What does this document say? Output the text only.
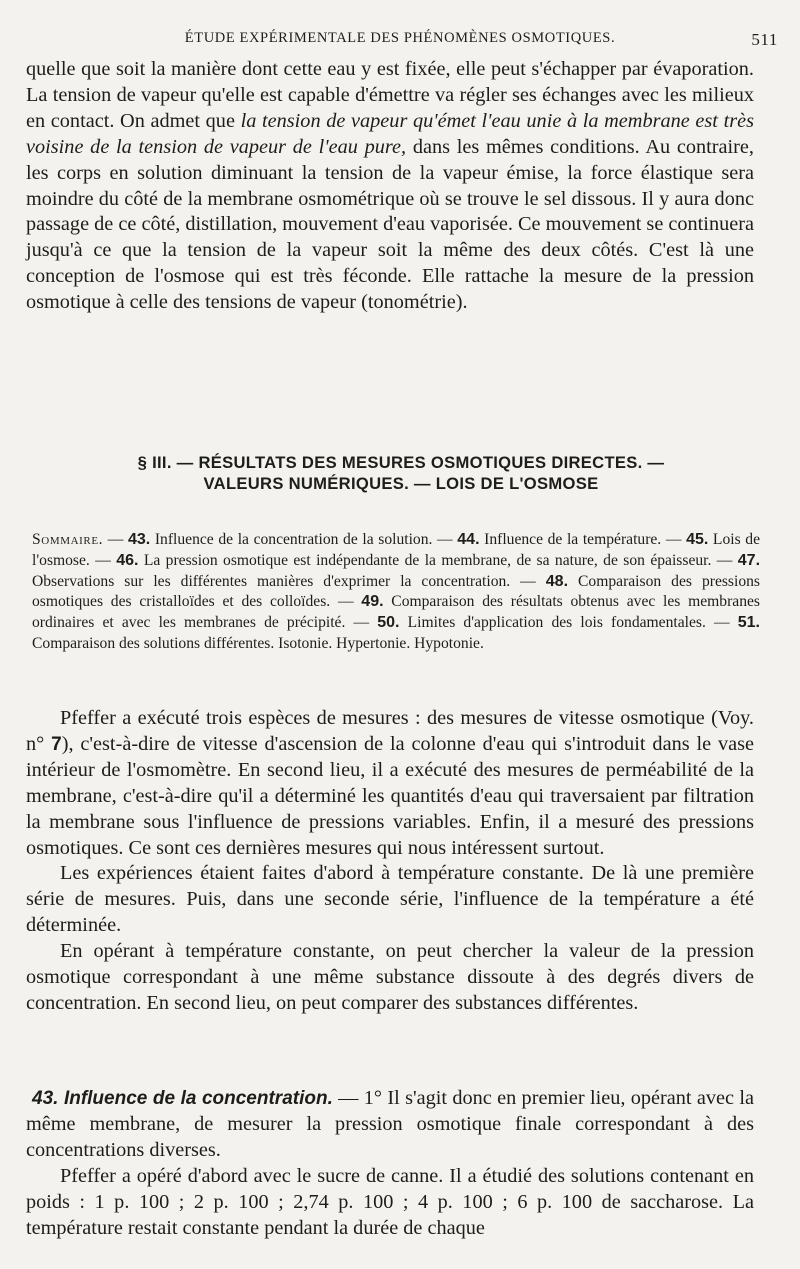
ÉTUDE EXPÉRIMENTALE DES PHÉNOMÈNES OSMOTIQUES.	511

quelle que soit la manière dont cette eau y est fixée, elle peut s'échapper par évaporation. La tension de vapeur qu'elle est capable d'émettre va régler ses échanges avec les milieux en contact. On admet que la tension de vapeur qu'émet l'eau unie à la membrane est très voisine de la tension de vapeur de l'eau pure, dans les mêmes conditions. Au contraire, les corps en solution diminuant la tension de la vapeur émise, la force élastique sera moindre du côté de la membrane osmométrique où se trouve le sel dissous. Il y aura donc passage de ce côté, distillation, mouvement d'eau vaporisée. Ce mouvement se continuera jusqu'à ce que la tension de la vapeur soit la même des deux côtés. C'est là une conception de l'osmose qui est très féconde. Elle rattache la mesure de la pression osmotique à celle des tensions de vapeur (tonométrie).

§ III. — RÉSULTATS DES MESURES OSMOTIQUES DIRECTES. —
VALEURS NUMÉRIQUES. — LOIS DE L'OSMOSE

Sommaire. — 43. Influence de la concentration de la solution. — 44. Influence de la température. — 45. Lois de l'osmose. — 46. La pression osmotique est indépendante de la membrane, de sa nature, de son épaisseur. — 47. Observations sur les différentes manières d'exprimer la concentration. — 48. Comparaison des pressions osmotiques des cristalloïdes et des colloïdes. — 49. Comparaison des résultats obtenus avec les membranes ordinaires et avec les membranes de précipité. — 50. Limites d'application des lois fondamentales. — 51. Comparaison des solutions différentes. Isotonie. Hypertonie. Hypotonie.

Pfeffer a exécuté trois espèces de mesures : des mesures de vitesse osmotique (Voy. n° 7), c'est-à-dire de vitesse d'ascension de la colonne d'eau qui s'introduit dans le vase intérieur de l'osmomètre. En second lieu, il a exécuté des mesures de perméabilité de la membrane, c'est-à-dire qu'il a déterminé les quantités d'eau qui traversaient par filtration la membrane sous l'influence de pressions variables. Enfin, il a mesuré des pressions osmotiques. Ce sont ces dernières mesures qui nous intéressent surtout.

Les expériences étaient faites d'abord à température constante. De là une première série de mesures. Puis, dans une seconde série, l'influence de la température a été déterminée.

En opérant à température constante, on peut chercher la valeur de la pression osmotique correspondant à une même substance dissoute à des degrés divers de concentration. En second lieu, on peut comparer des substances différentes.

43. Influence de la concentration. — 1° Il s'agit donc en premier lieu, opérant avec la même membrane, de mesurer la pression osmotique finale correspondant à des concentrations diverses.

Pfeffer a opéré d'abord avec le sucre de canne. Il a étudié des solutions contenant en poids : 1 p. 100 ; 2 p. 100 ; 2,74 p. 100 ; 4 p. 100 ; 6 p. 100 de saccharose. La température restait constante pendant la durée de chaque
